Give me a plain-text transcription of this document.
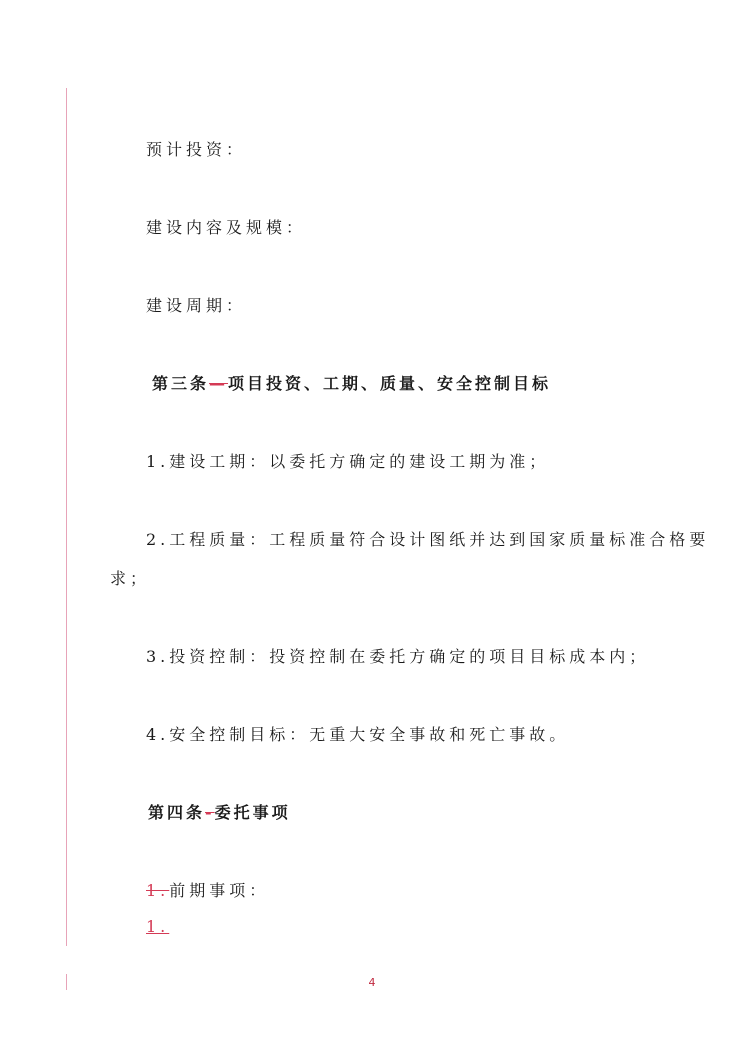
预计投资：
建设内容及规模：
建设周期：
第三条—项目投资、工期、质量、安全控制目标
1.建设工期：以委托方确定的建设工期为准；
2.工程质量：工程质量符合设计图纸并达到国家质量标准合格要
求；
3.投资控制：投资控制在委托方确定的项目目标成本内；
4.安全控制目标：无重大安全事故和死亡事故。
第四条-委托事项
1.前期事项：
1.
4
